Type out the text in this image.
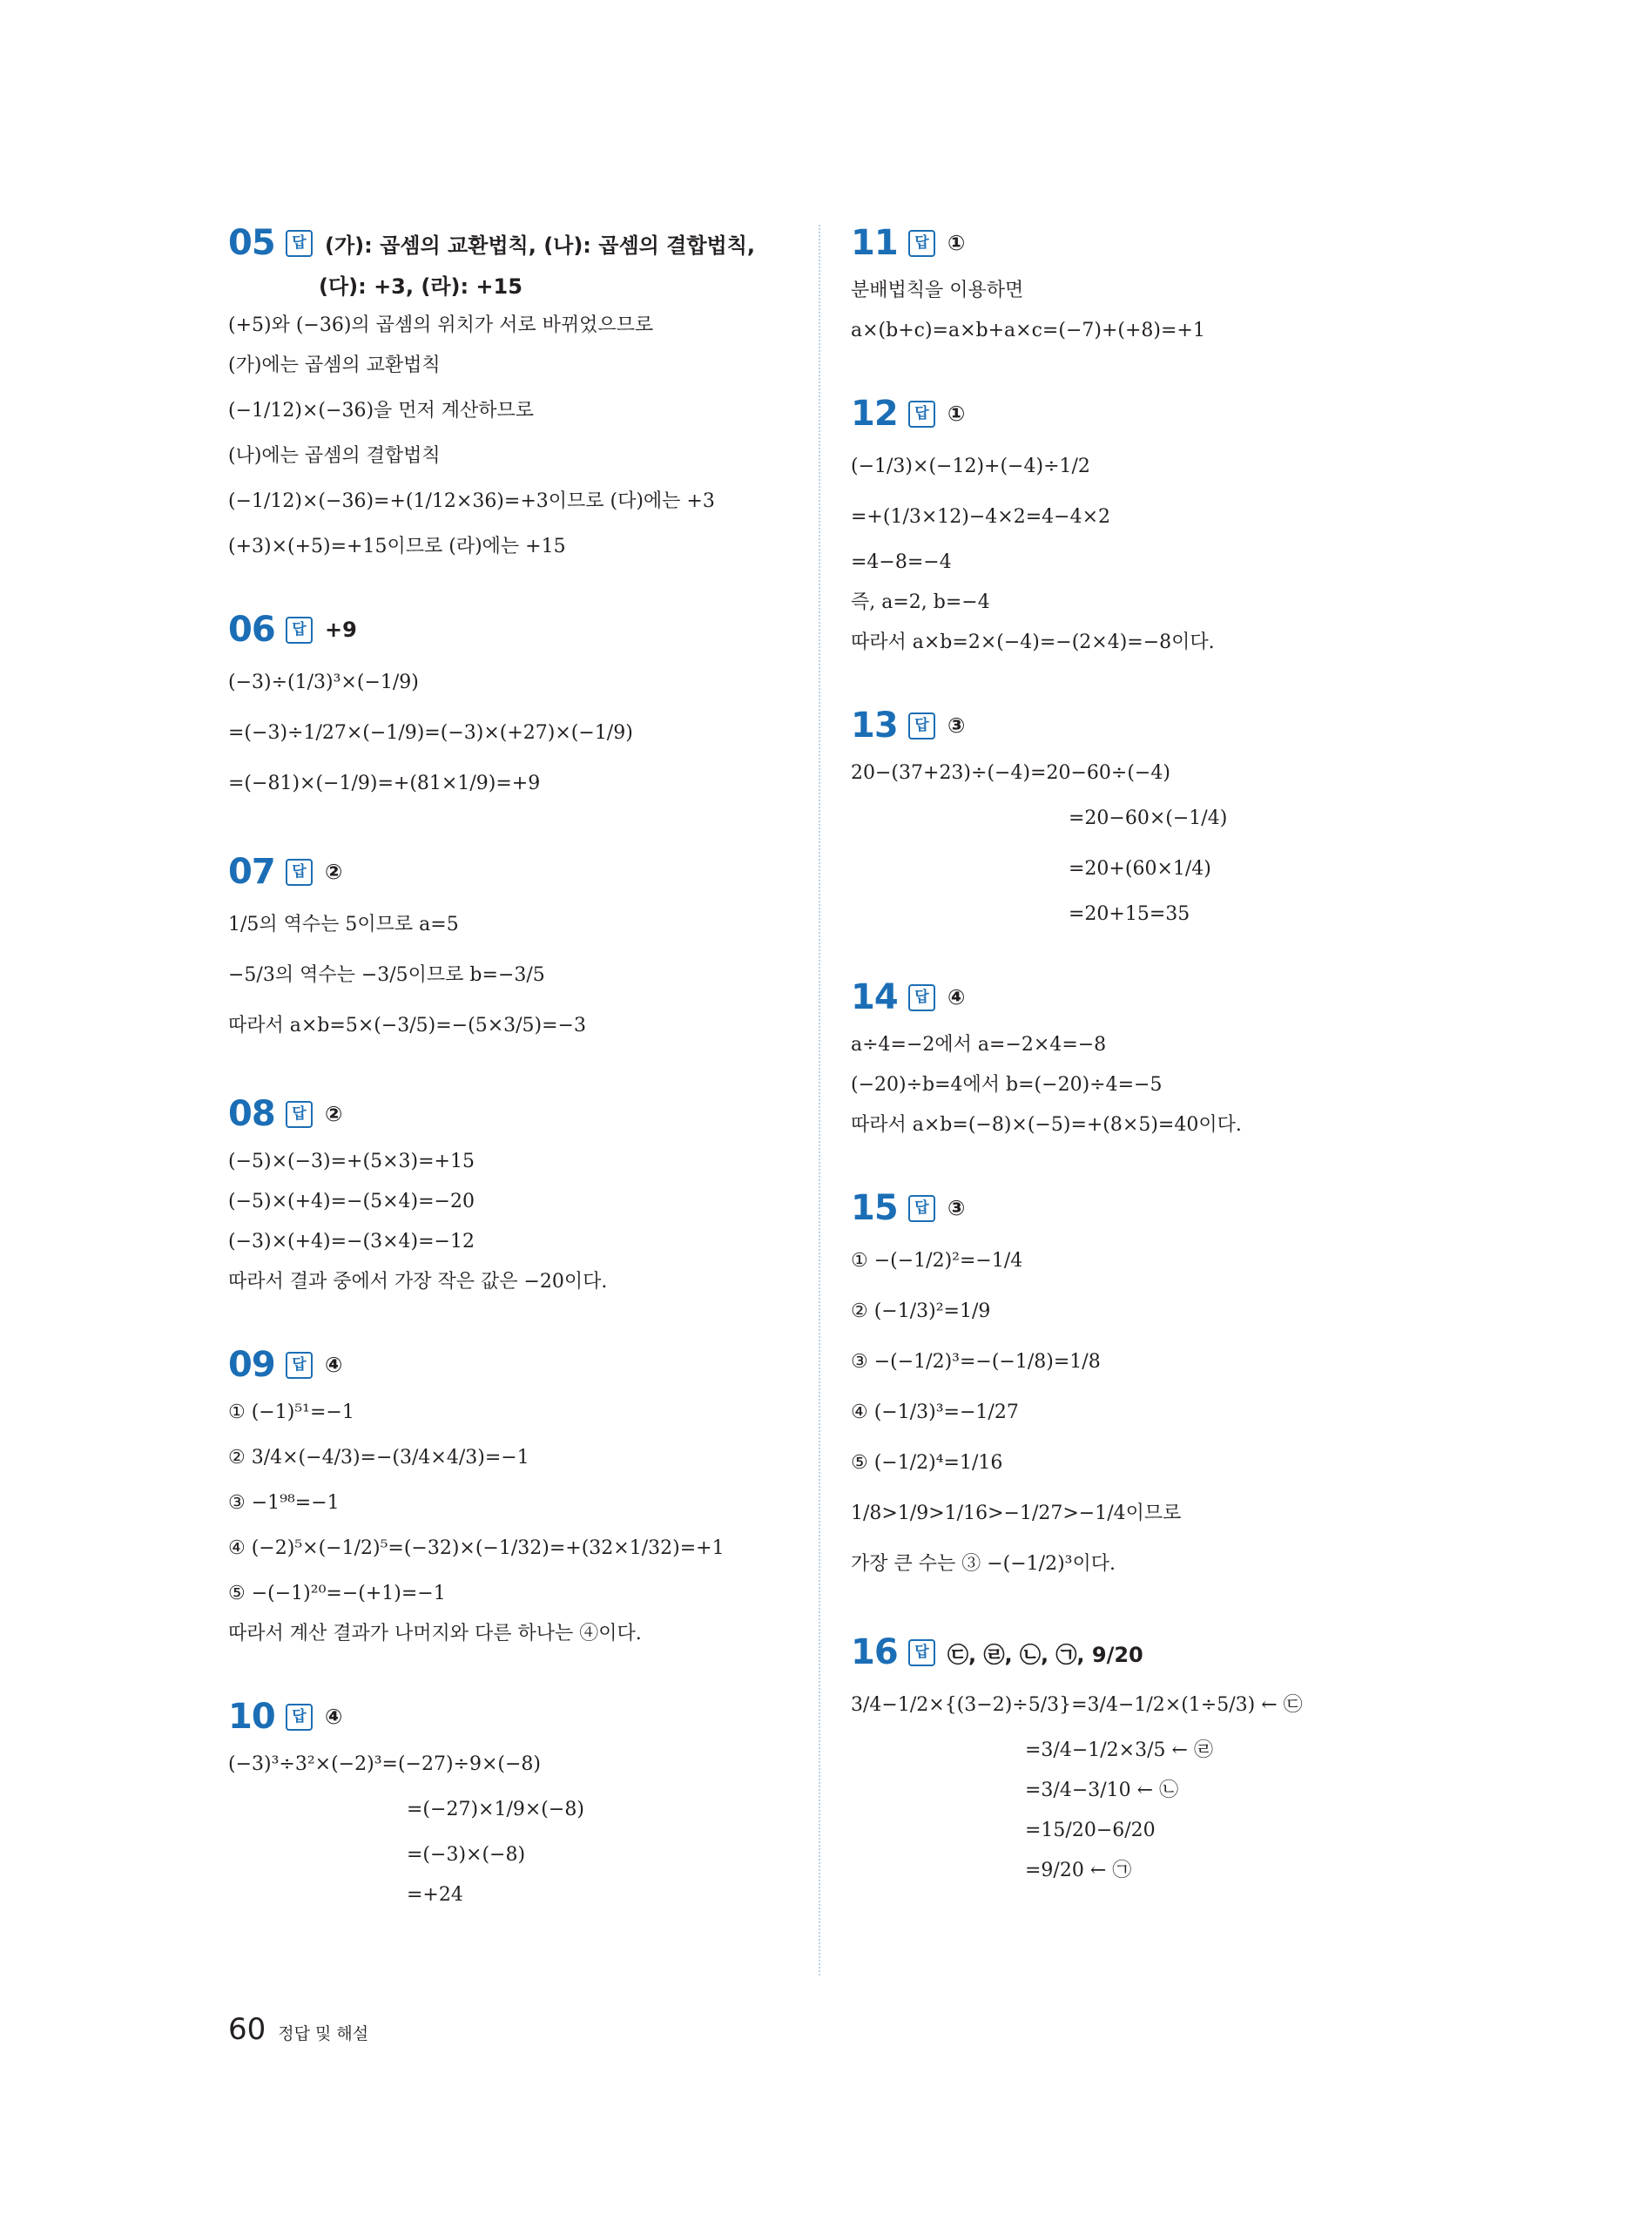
05	답 (가): 곱셈의 교환법칙, (나): 곱셈의 결합법칙,
(다): +3, (라): +15
(+5)와 (−36)의 곱셈의 위치가 서로 바뀌었으므로
(가)에는 곱셈의 교환법칙
(−1/12)×(−36)을 먼저 계산하므로
(나)에는 곱셈의 결합법칙
(−1/12)×(−36)=+(1/12×36)=+3이므로 (다)에는 +3
(+3)×(+5)=+15이므로 (라)에는 +15
06	답 +9
(−3)÷(1/3)³×(−1/9)
=(−3)÷1/27×(−1/9)=(−3)×(+27)×(−1/9)
=(−81)×(−1/9)=+(81×1/9)=+9
07	답 ②
1/5의 역수는 5이므로 a=5
−5/3의 역수는 −3/5이므로 b=−3/5
따라서 a×b=5×(−3/5)=−(5×3/5)=−3
08	답 ②
(−5)×(−3)=+(5×3)=+15
(−5)×(+4)=−(5×4)=−20
(−3)×(+4)=−(3×4)=−12
따라서 결과 중에서 가장 작은 값은 −20이다.
09	답 ④
① (−1)⁵¹=−1
② 3/4×(−4/3)=−(3/4×4/3)=−1
③ −1⁹⁸=−1
④ (−2)⁵×(−1/2)⁵=(−32)×(−1/32)=+(32×1/32)=+1
⑤ −(−1)²⁰=−(+1)=−1
따라서 계산 결과가 나머지와 다른 하나는 ④이다.
10	답 ④
(−3)³÷3²×(−2)³=(−27)÷9×(−8)
=(−27)×1/9×(−8)
=(−3)×(−8)
=+24
11	답 ①
분배법칙을 이용하면
a×(b+c)=a×b+a×c=(−7)+(+8)=+1
12	답 ①
(−1/3)×(−12)+(−4)÷1/2
=+(1/3×12)−4×2=4−4×2
=4−8=−4
즉, a=2, b=−4
따라서 a×b=2×(−4)=−(2×4)=−8이다.
13	답 ③
20−(37+23)÷(−4)=20−60÷(−4)
=20−60×(−1/4)
=20+(60×1/4)
=20+15=35
14	답 ④
a÷4=−2에서 a=−2×4=−8
(−20)÷b=4에서 b=(−20)÷4=−5
따라서 a×b=(−8)×(−5)=+(8×5)=40이다.
15	답 ③
① −(−1/2)²=−1/4
② (−1/3)²=1/9
③ −(−1/2)³=−(−1/8)=1/8
④ (−1/3)³=−1/27
⑤ (−1/2)⁴=1/16
1/8>1/9>1/16>−1/27>−1/4이므로
가장 큰 수는 ③ −(−1/2)³이다.
16	답 ㉢, ㉣, ㉡, ㉠, 9/20
3/4−1/2×{(3−2)÷5/3}=3/4−1/2×(1÷5/3) ← ㉢
=3/4−1/2×3/5 ← ㉣
=3/4−3/10 ← ㉡
=15/20−6/20
=9/20 ← ㉠
60 정답 및 해설
